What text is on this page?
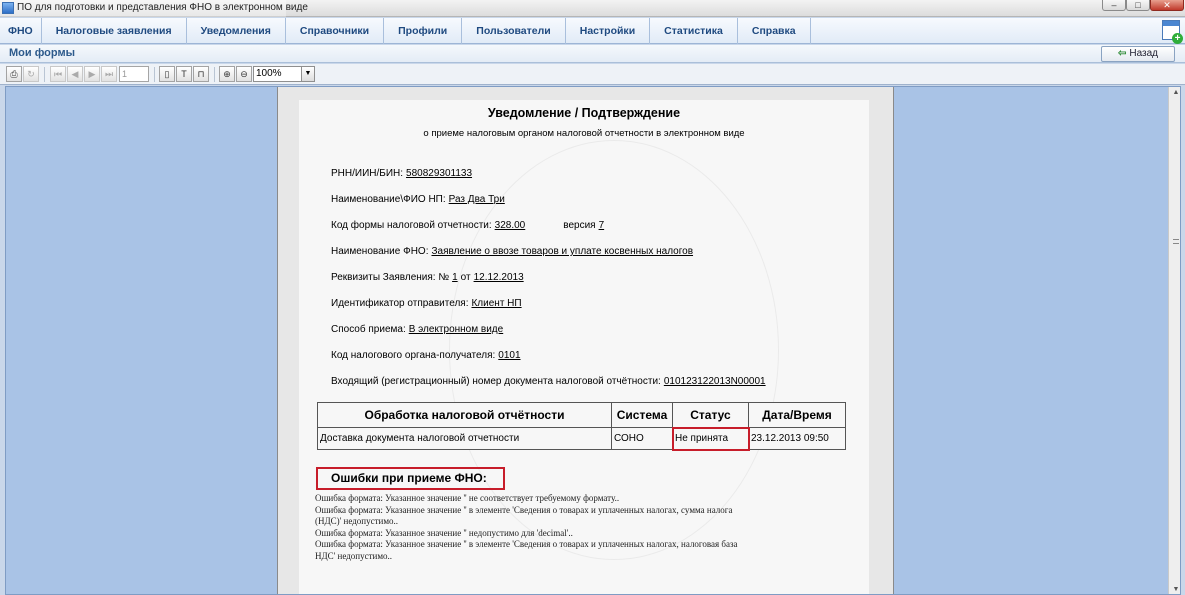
ПО для подготовки и представления ФНО в электронном виде	–	□	✕
ФНО	Налоговые заявления	Уведомления	Справочники	Профили	Пользователи	Настройки	Статистика	Справка
+
Мои формы	⇦ Назад
⎙	↻	⏮	◀	▶	⏭ 1	▯	T	⊓	⊕	⊖ 100%	▼
Уведомление / Подтверждение
о приеме налоговым органом налоговой отчетности в электронном виде
РНН/ИИН/БИН: 580829301133
Наименование\ФИО НП: Раз Два Три
Код формы налоговой отчетности: 328.00	версия 7
Наименование ФНО: Заявление о ввозе товаров и уплате косвенных налогов
Реквизиты Заявления: № 1 от 12.12.2013
Идентификатор отправителя: Клиент НП
Способ приема: В электронном виде
Код налогового органа-получателя: 0101
Входящий (регистрационный) номер документа налоговой отчётности: 010123122013N00001
Обработка налоговой отчётности	Система	Статус	Дата/Время
Доставка документа налоговой отчетности	СОНО	Не принята	23.12.2013 09:50
Ошибки при приеме ФНО:
Ошибка формата: Указанное значение '' не соответствует требуемому формату..
Ошибка формата: Указанное значение '' в элементе 'Сведения о товарах и уплаченных налогах, сумма налога
(НДС)' недопустимо..
Ошибка формата: Указанное значение '' недопустимо для 'decimal'..
Ошибка формата: Указанное значение '' в элементе 'Сведения о товарах и уплаченных налогах, налоговая база
НДС' недопустимо..
▲
▼
